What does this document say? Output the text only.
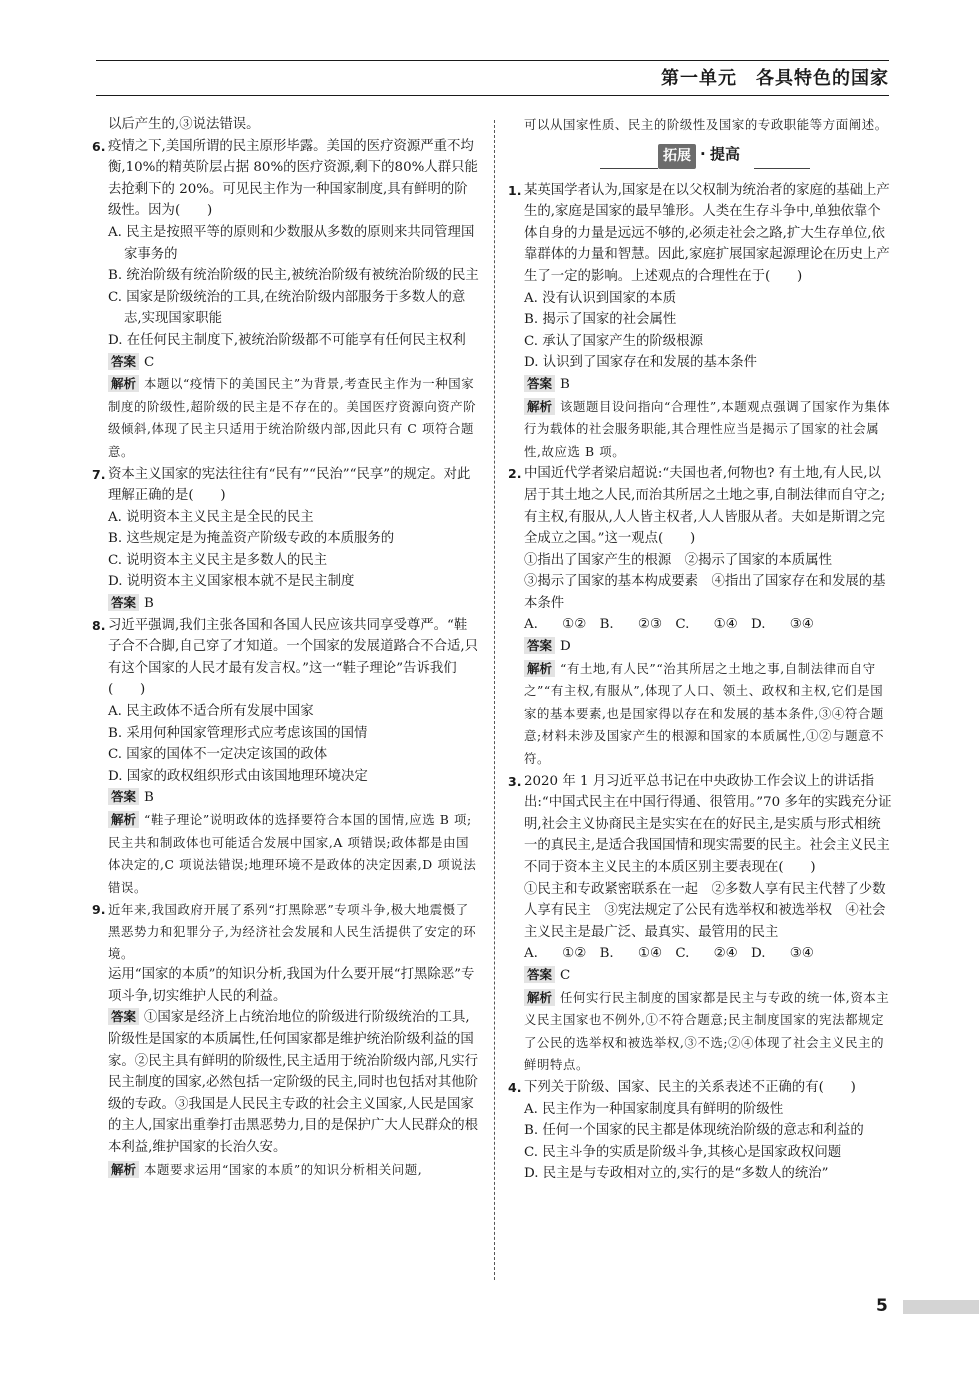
第一单元　各具特色的国家
以后产生的,③说法错误。
6. 疫情之下,美国所谓的民主原形毕露。美国的医疗资源严重不均衡,10%的精英阶层占据 80%的医疗资源,剩下的80%人群只能去抢剩下的 20%。可见民主作为一种国家制度,具有鲜明的阶级性。因为(　　)
A. 民主是按照平等的原则和少数服从多数的原则来共同管理国家事务的
B. 统治阶级有统治阶级的民主,被统治阶级有被统治阶级的民主
C. 国家是阶级统治的工具,在统治阶级内部服务于多数人的意志,实现国家职能
D. 在任何民主制度下,被统治阶级都不可能享有任何民主权利
答案 C
解析 本题以“疫情下的美国民主”为背景,考查民主作为一种国家制度的阶级性,超阶级的民主是不存在的。美国医疗资源向资产阶级倾斜,体现了民主只适用于统治阶级内部,因此只有 C 项符合题意。
7. 资本主义国家的宪法往往有“民有”“民治”“民享”的规定。对此理解正确的是(　　)
A. 说明资本主义民主是全民的民主
B. 这些规定是为掩盖资产阶级专政的本质服务的
C. 说明资本主义民主是多数人的民主
D. 说明资本主义国家根本就不是民主制度
答案 B
8. 习近平强调,我们主张各国和各国人民应该共同享受尊严。“鞋子合不合脚,自己穿了才知道。一个国家的发展道路合不合适,只有这个国家的人民才最有发言权。”这一“鞋子理论”告诉我们(　　)
A. 民主政体不适合所有发展中国家
B. 采用何种国家管理形式应考虑该国的国情
C. 国家的国体不一定决定该国的政体
D. 国家的政权组织形式由该国地理环境决定
答案 B
解析 “鞋子理论”说明政体的选择要符合本国的国情,应选 B 项;民主共和制政体也可能适合发展中国家,A 项错误;政体都是由国体决定的,C 项说法错误;地理环境不是政体的决定因素,D 项说法错误。
9. 近年来,我国政府开展了系列“打黑除恶”专项斗争,极大地震慑了黑恶势力和犯罪分子,为经济社会发展和人民生活提供了安定的环境。
运用“国家的本质”的知识分析,我国为什么要开展“打黑除恶”专项斗争,切实维护人民的利益。
答案 ①国家是经济上占统治地位的阶级进行阶级统治的工具,阶级性是国家的本质属性,任何国家都是维护统治阶级利益的国家。②民主具有鲜明的阶级性,民主适用于统治阶级内部,凡实行民主制度的国家,必然包括一定阶级的民主,同时也包括对其他阶级的专政。③我国是人民民主专政的社会主义国家,人民是国家的主人,国家出重拳打击黑恶势力,目的是保护广大人民群众的根本利益,维护国家的长治久安。
解析 本题要求运用“国家的本质”的知识分析相关问题,
可以从国家性质、民主的阶级性及国家的专政职能等方面阐述。
拓展 · 提高
1. 某英国学者认为,国家是在以父权制为统治者的家庭的基础上产生的,家庭是国家的最早雏形。人类在生存斗争中,单独依靠个体自身的力量是远远不够的,必须走社会之路,扩大生存单位,依靠群体的力量和智慧。因此,家庭扩展国家起源理论在历史上产生了一定的影响。上述观点的合理性在于(　　)
A. 没有认识到国家的本质
B. 揭示了国家的社会属性
C. 承认了国家产生的阶级根源
D. 认识到了国家存在和发展的基本条件
答案 B
解析 该题题目设问指向“合理性”,本题观点强调了国家作为集体行为载体的社会服务职能,其合理性应当是揭示了国家的社会属性,故应选 B 项。
2. 中国近代学者梁启超说:“夫国也者,何物也? 有土地,有人民,以居于其土地之人民,而治其所居之土地之事,自制法律而自守之;有主权,有服从,人人皆主权者,人人皆服从者。夫如是斯谓之完全成立之国。”这一观点(　　)
①指出了国家产生的根源　②揭示了国家的本质属性
③揭示了国家的基本构成要素　④指出了国家存在和发展的基本条件
A. ①②　B. ②③　C. ①④　D. ③④
答案 D
解析 “有土地,有人民”“治其所居之土地之事,自制法律而自守之”“有主权,有服从”,体现了人口、领土、政权和主权,它们是国家的基本要素,也是国家得以存在和发展的基本条件,③④符合题意;材料未涉及国家产生的根源和国家的本质属性,①②与题意不符。
3. 2020 年 1 月习近平总书记在中央政协工作会议上的讲话指出:“中国式民主在中国行得通、很管用。”70 多年的实践充分证明,社会主义协商民主是实实在在的好民主,是实质与形式相统一的真民主,是适合我国国情和现实需要的民主。社会主义民主不同于资本主义民主的本质区别主要表现在(　　)
①民主和专政紧密联系在一起　②多数人享有民主代替了少数人享有民主　③宪法规定了公民有选举权和被选举权　④社会主义民主是最广泛、最真实、最管用的民主
A. ①②　B. ①④　C. ②④　D. ③④
答案 C
解析 任何实行民主制度的国家都是民主与专政的统一体,资本主义民主国家也不例外,①不符合题意;民主制度国家的宪法都规定了公民的选举权和被选举权,③不选;②④体现了社会主义民主的鲜明特点。
4. 下列关于阶级、国家、民主的关系表述不正确的有(　　)
A. 民主作为一种国家制度具有鲜明的阶级性
B. 任何一个国家的民主都是体现统治阶级的意志和利益的
C. 民主斗争的实质是阶级斗争,其核心是国家政权问题
D. 民主是与专政相对立的,实行的是“多数人的统治”
5
